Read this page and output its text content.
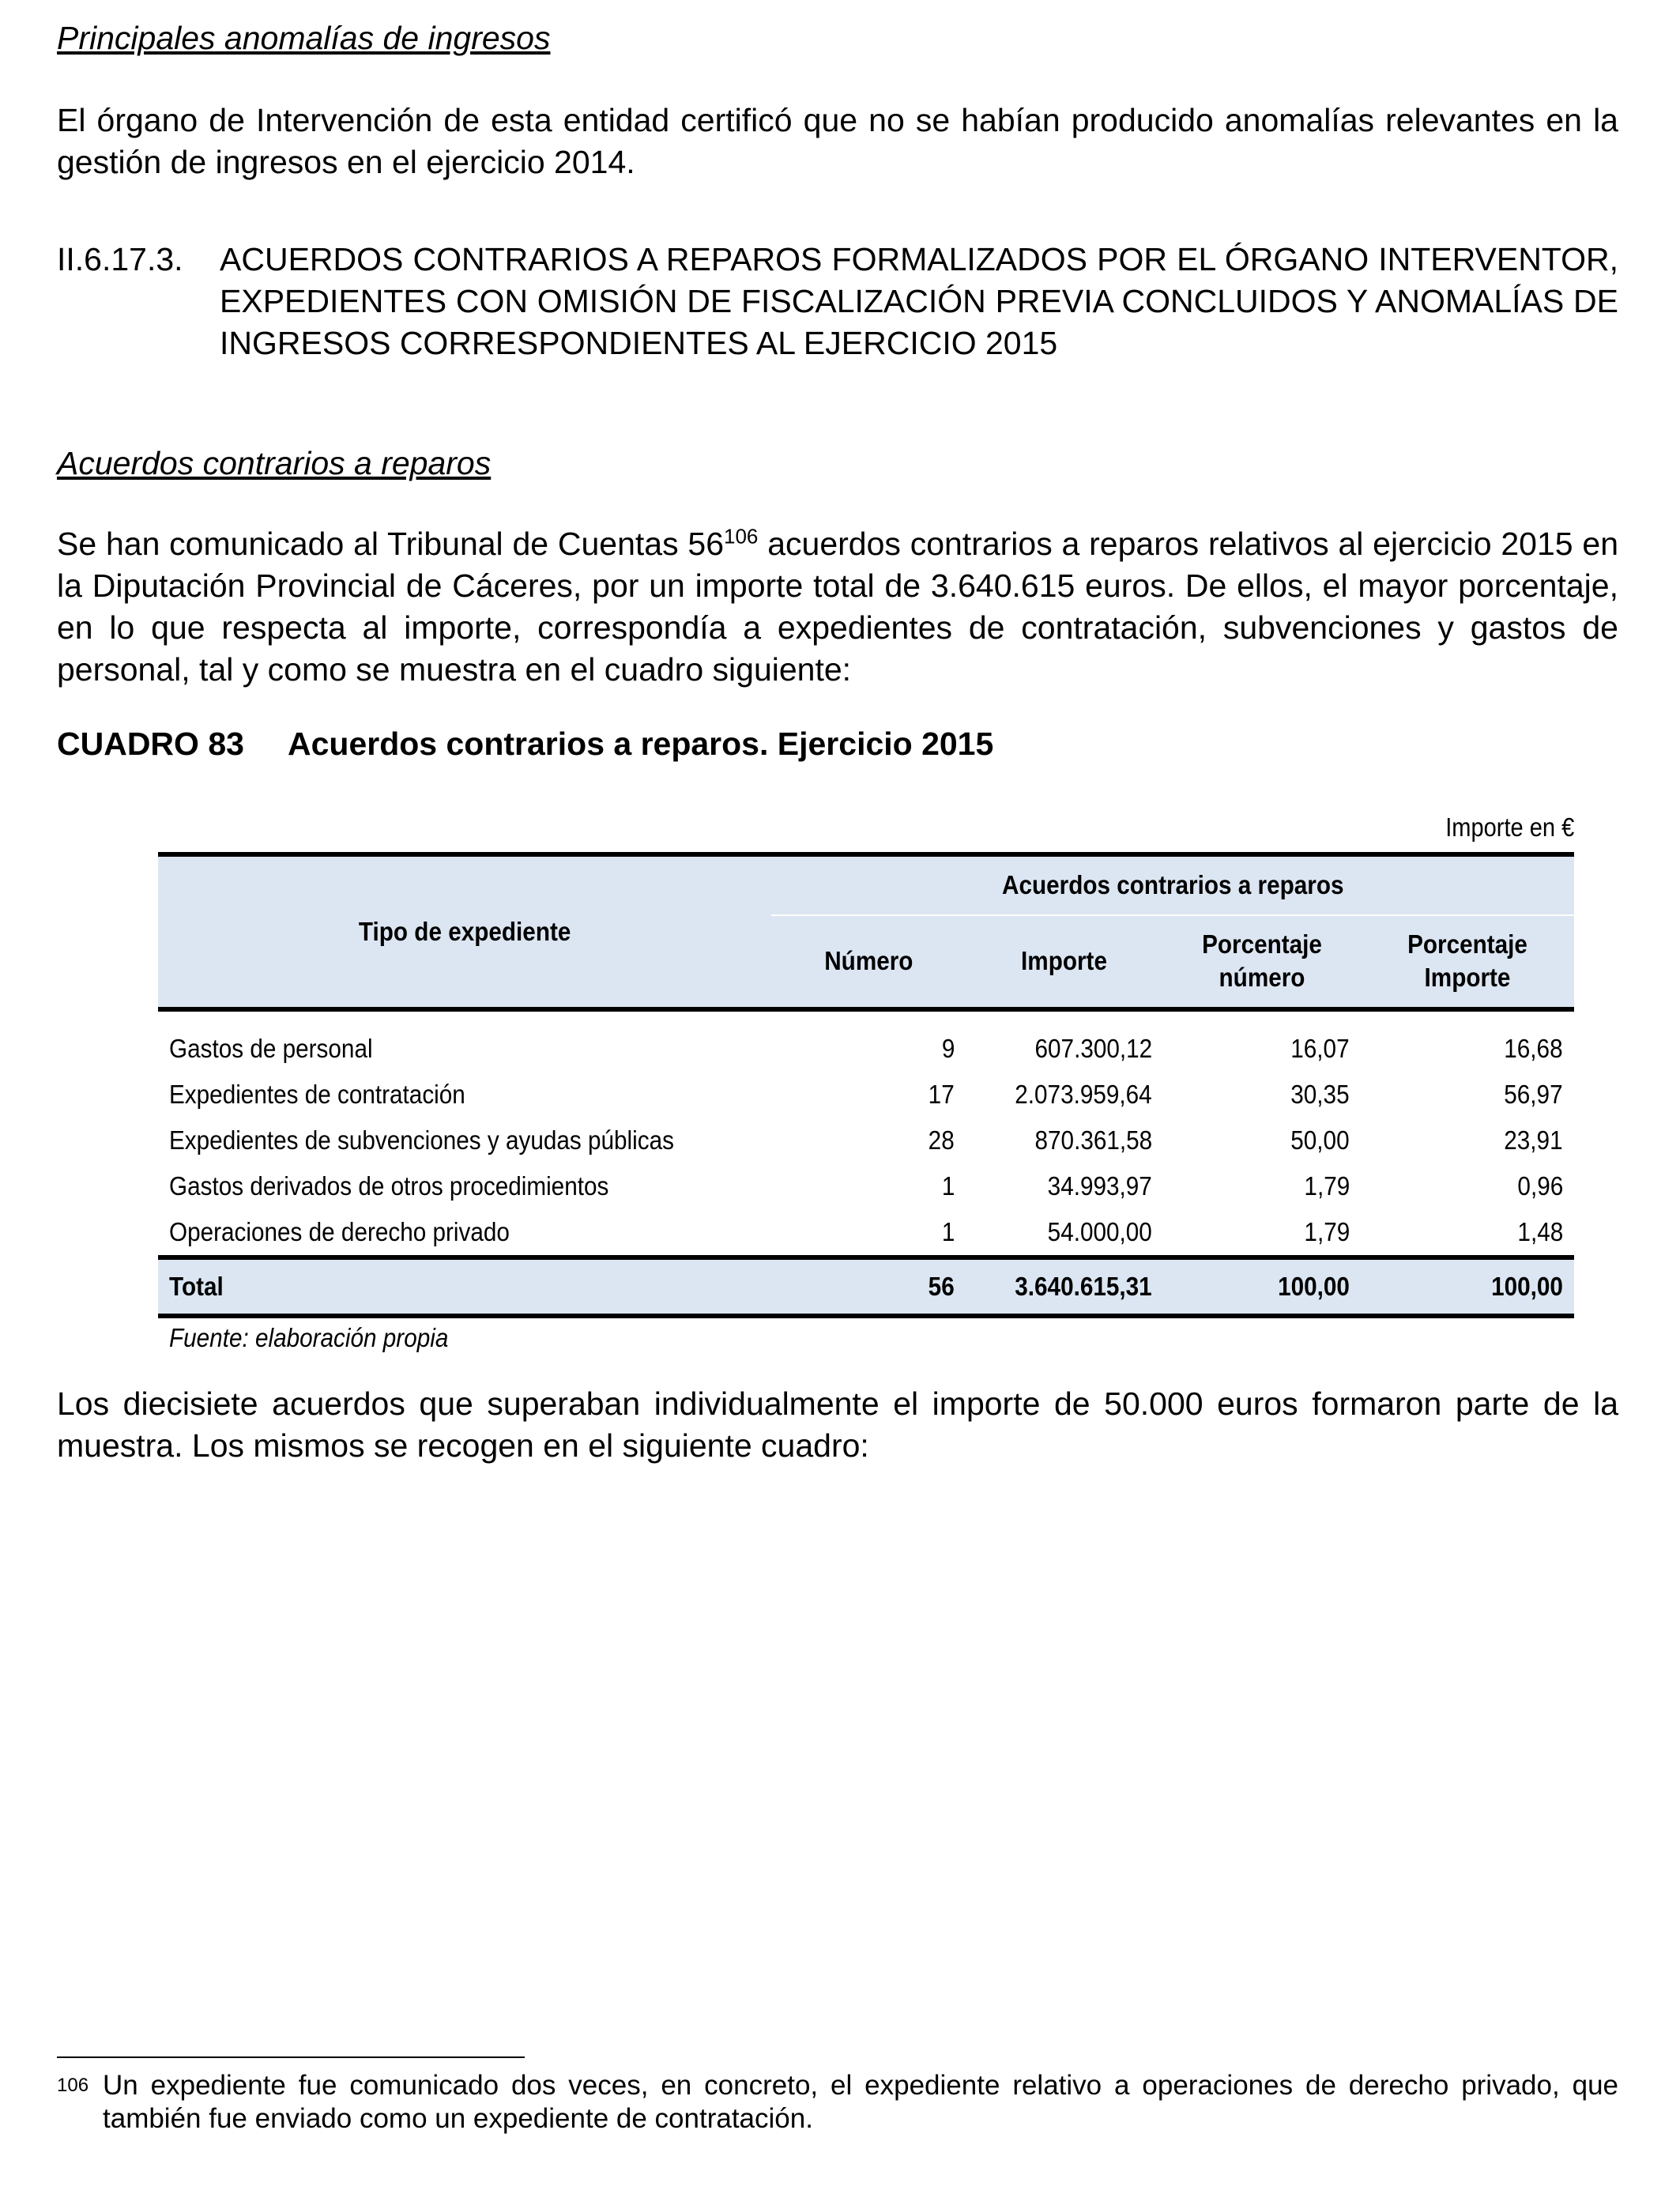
Principales anomalías de ingresos

El órgano de Intervención de esta entidad certificó que no se habían producido anomalías relevantes en la gestión de ingresos en el ejercicio 2014.

II.6.17.3. ACUERDOS CONTRARIOS A REPAROS FORMALIZADOS POR EL ÓRGANO INTERVENTOR, EXPEDIENTES CON OMISIÓN DE FISCALIZACIÓN PREVIA CONCLUIDOS Y ANOMALÍAS DE INGRESOS CORRESPONDIENTES AL EJERCICIO 2015

Acuerdos contrarios a reparos

Se han comunicado al Tribunal de Cuentas $56^{106}$ acuerdos contrarios a reparos relativos al ejercicio 2015 en la Diputación Provincial de Cáceres, por un importe total de 3.640.615 euros. De ellos, el mayor porcentaje, en lo que respecta al importe, correspondía a expedientes de contratación, subvenciones y gastos de personal, tal y como se muestra en el cuadro siguiente:

CUADRO 83 Acuerdos contrarios a reparos. Ejercicio 2015
Importe en €
Tipo de expediente	Acuerdos contrarios a reparos			
	Número	Importe	Porcentaje número	Porcentaje Importe
Gastos de personal	9	607.300,12	16,07	16,68
Expedientes de contratación	17	2.073.959,64	30,35	56,97
Expedientes de subvenciones y ayudas públicas	28	870.361,58	50,00	23,91
Gastos derivados de otros procedimientos	1	34.993,97	1,79	0,96
Operaciones de derecho privado	1	54.000,00	1,79	1,48
Total	56	3.640.615,31	100,00	100,00
Fuente: elaboración propia

Los diecisiete acuerdos que superaban individualmente el importe de 50.000 euros formaron parte de la muestra. Los mismos se recogen en el siguiente cuadro:

106 Un expediente fue comunicado dos veces, en concreto, el expediente relativo a operaciones de derecho privado, que también fue enviado como un expediente de contratación.
